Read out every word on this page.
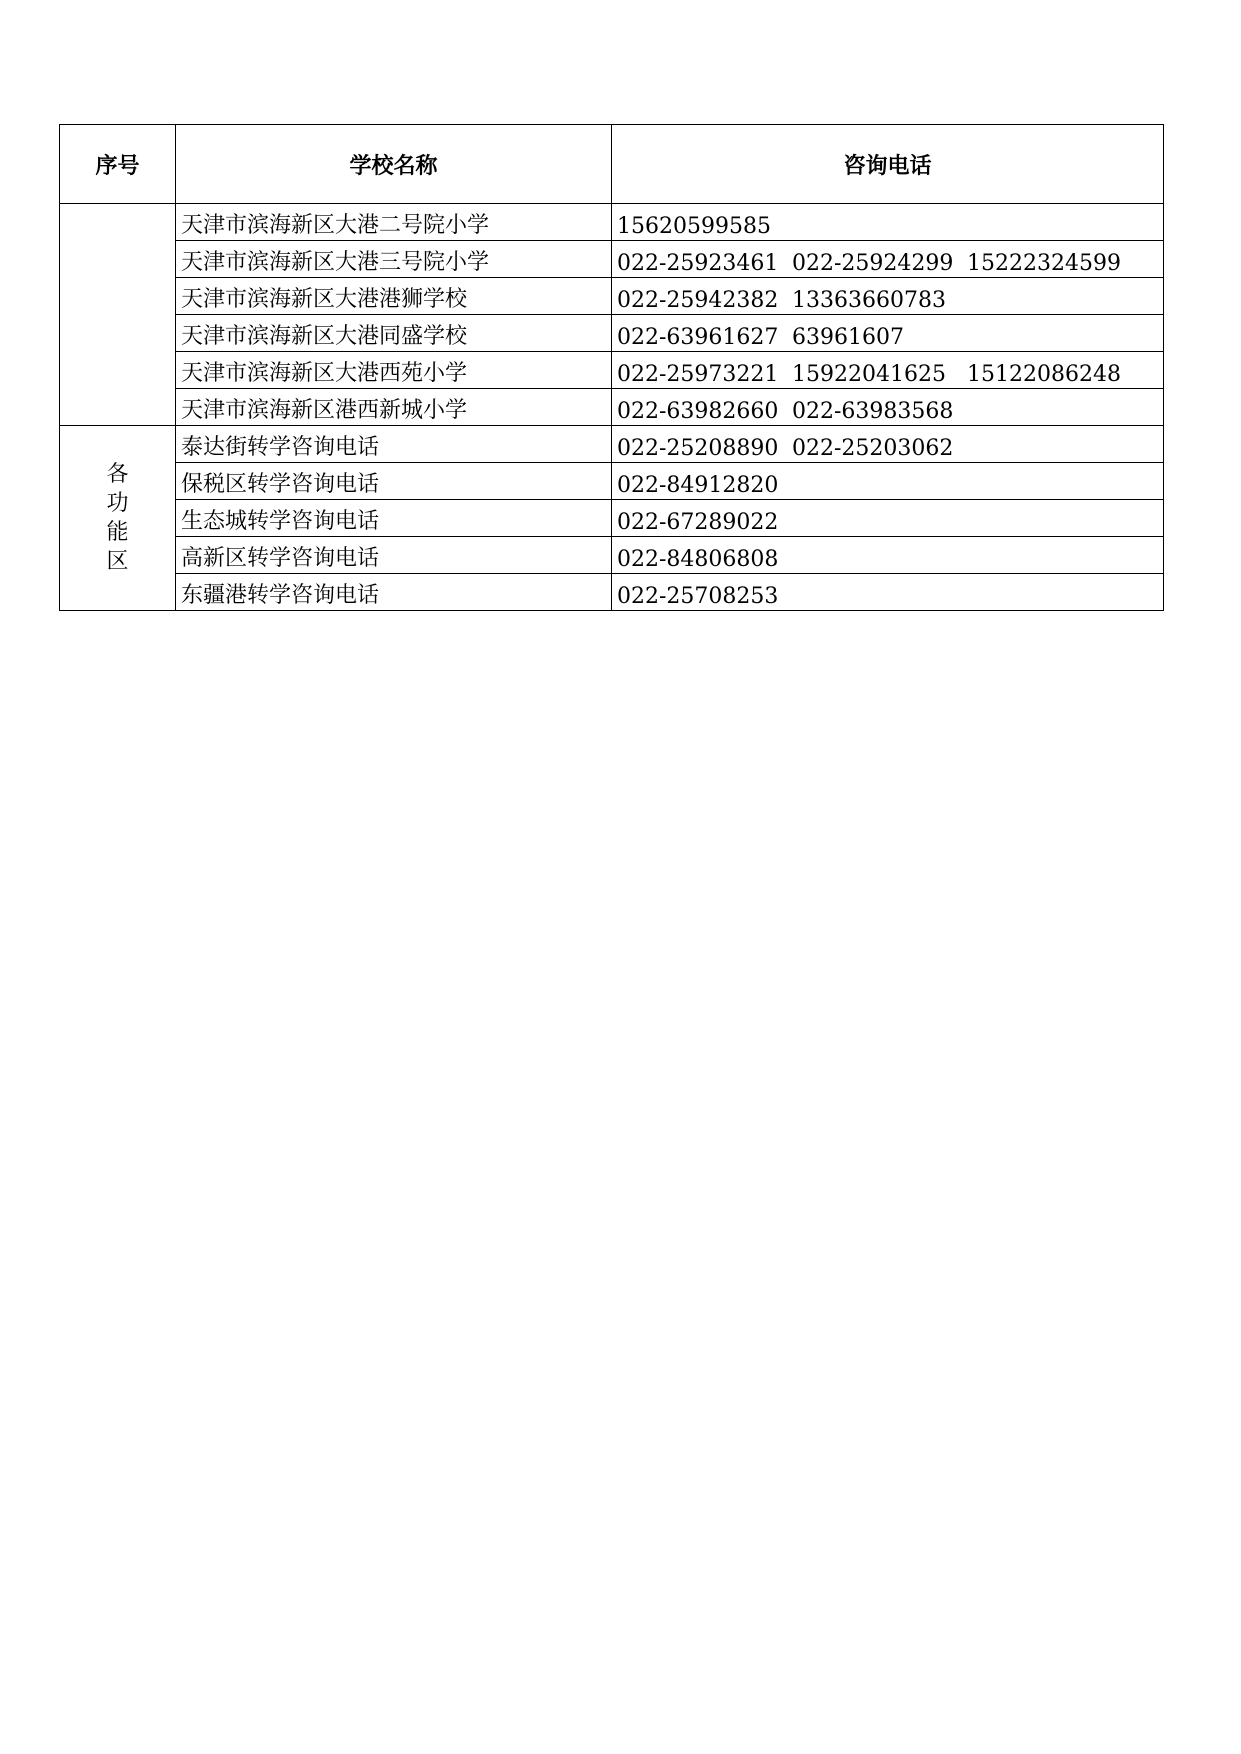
序号	学校名称	咨询电话
	天津市滨海新区大港二号院小学	15620599585
	天津市滨海新区大港三号院小学	022-25923461 022-25924299 15222324599
	天津市滨海新区大港港狮学校	022-25942382 13363660783
	天津市滨海新区大港同盛学校	022-63961627 63961607
	天津市滨海新区大港西苑小学	022-25973221 15922041625 15122086248
	天津市滨海新区港西新城小学	022-63982660 022-63983568
各功能区	泰达街转学咨询电话	022-25208890 022-25203062
	保税区转学咨询电话	022-84912820
	生态城转学咨询电话	022-67289022
	高新区转学咨询电话	022-84806808
	东疆港转学咨询电话	022-25708253
